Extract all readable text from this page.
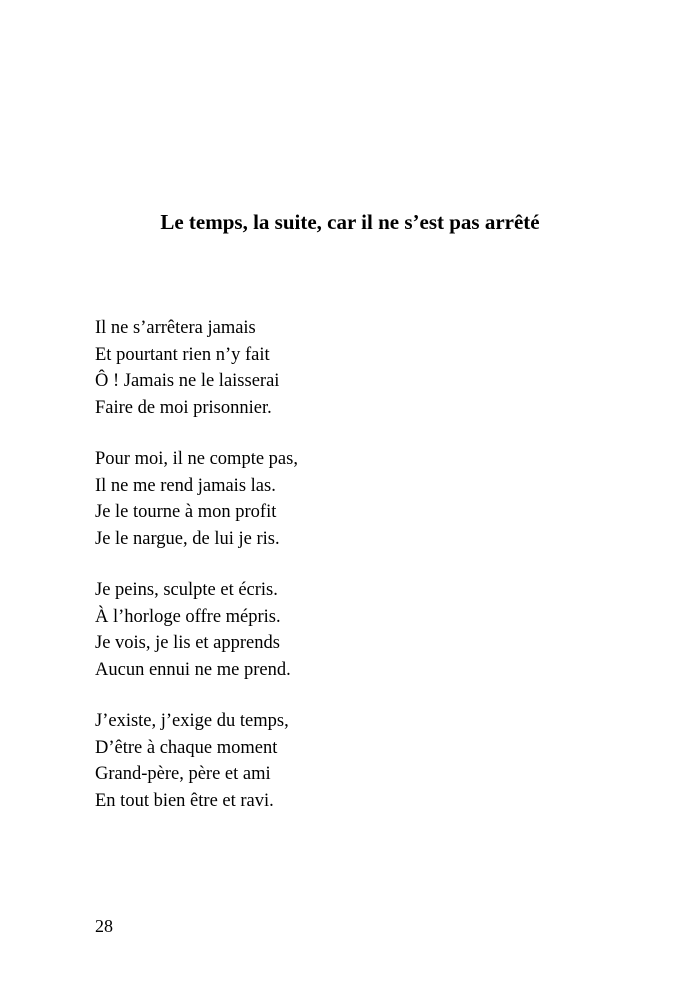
Le temps, la suite, car il ne s’est pas arrêté
Il ne s’arrêtera jamais
Et pourtant rien n’y fait
Ô ! Jamais ne le laisserai
Faire de moi prisonnier.
Pour moi, il ne compte pas,
Il ne me rend jamais las.
Je le tourne à mon profit
Je le nargue, de lui je ris.
Je peins, sculpte et écris.
À l’horloge offre mépris.
Je vois, je lis et apprends
Aucun ennui ne me prend.
J’existe, j’exige du temps,
D’être à chaque moment
Grand-père, père et ami
En tout bien être et ravi.
28
